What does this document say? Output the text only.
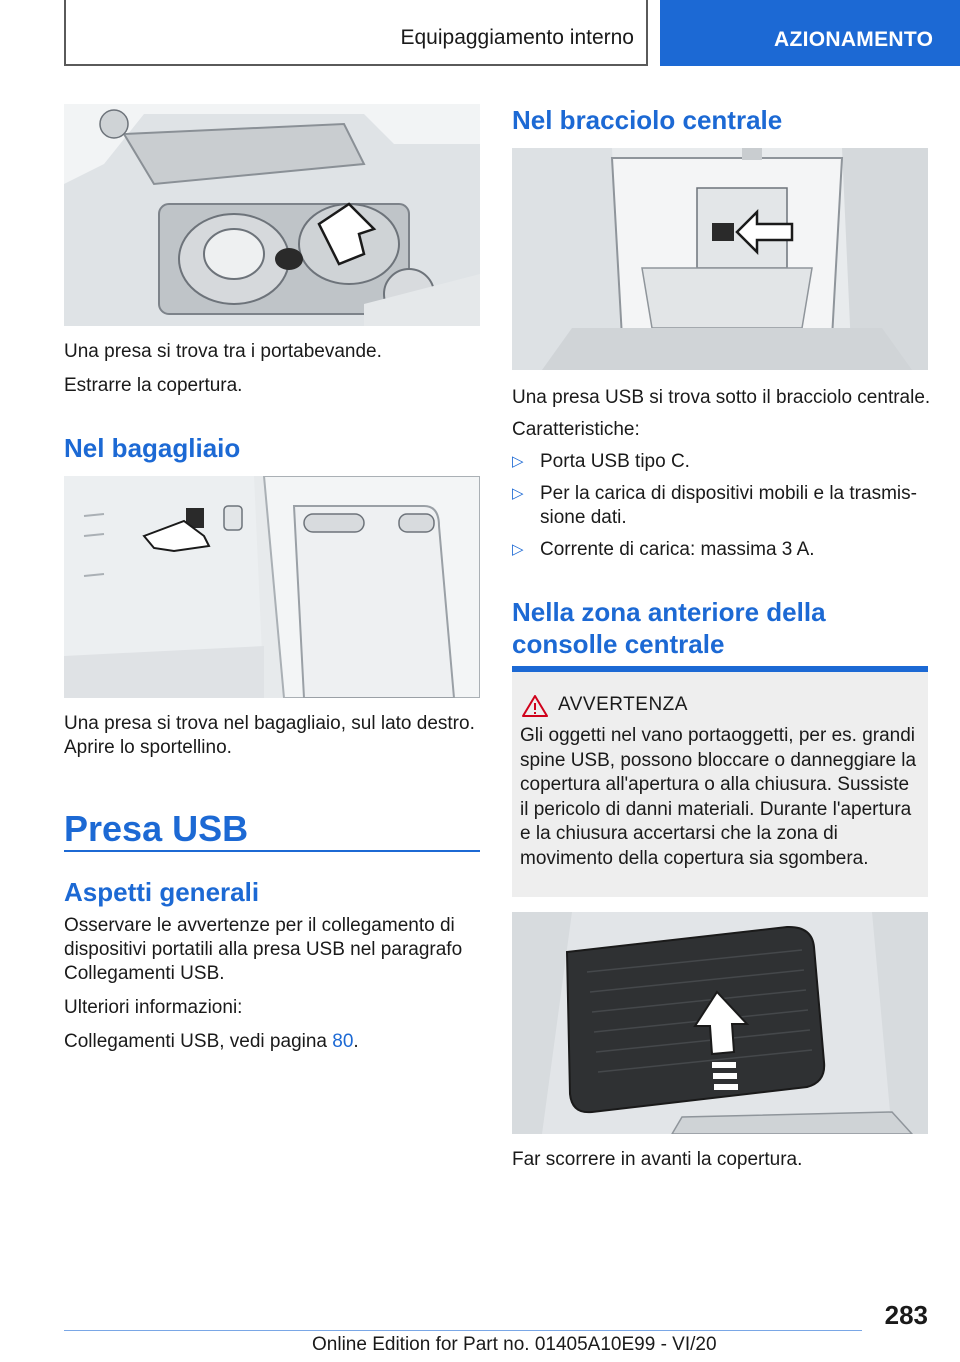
Equipaggiamento interno	AZIONAMENTO
Una presa si trova tra i portabevande.
Estrarre la copertura.
Nel bagagliaio
Una presa si trova nel bagagliaio, sul lato destro.
Aprire lo sportellino.
Presa USB
Aspetti generali
Osservare le avvertenze per il collegamento di dispositivi portatili alla presa USB nel paragrafo Collegamenti USB.
Ulteriori informazioni:
Collegamenti USB, vedi pagina 80.
Nel bracciolo centrale
Una presa USB si trova sotto il bracciolo centrale.
Caratteristiche:
▷ Porta USB tipo C.
▷ Per la carica di dispositivi mobili e la trasmissione dati.
▷ Corrente di carica: massima 3 A.
Nella zona anteriore della consolle centrale
AVVERTENZA
Gli oggetti nel vano portaoggetti, per es. grandi spine USB, possono bloccare o danneggiare la copertura all'apertura o alla chiusura. Sussiste il pericolo di danni materiali. Durante l'apertura e la chiusura accertarsi che la zona di movimento della copertura sia sgombera.
Far scorrere in avanti la copertura.
283
Online Edition for Part no. 01405A10E99 - VI/20
